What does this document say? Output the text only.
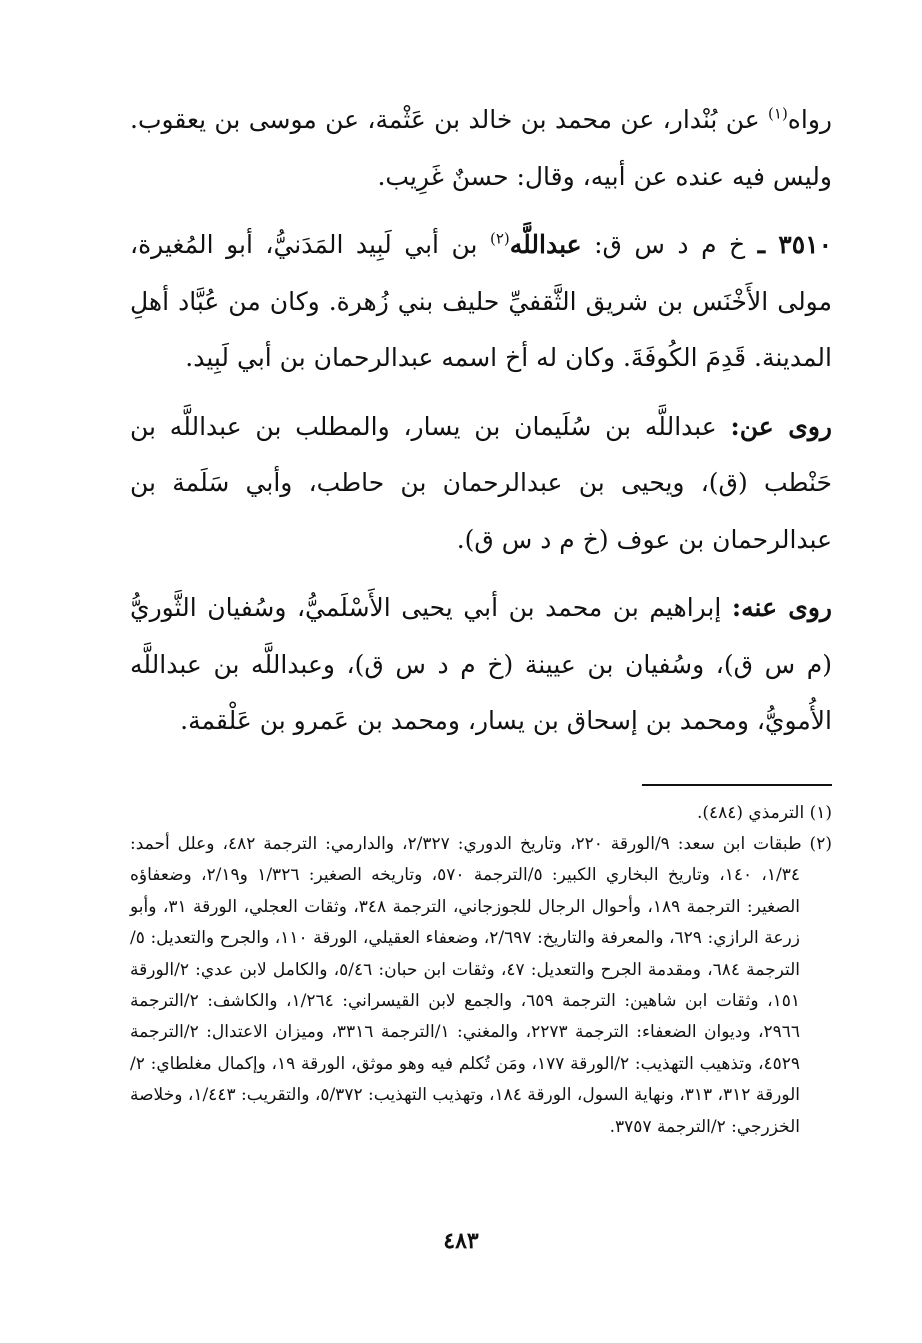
رواه$^{(١)}$ عن بُنْدار، عن محمد بن خالد بن عَثْمة، عن موسى بن يعقوب. وليس فيه عنده عن أبيه، وقال: حسنٌ غَرِيب.

٣٥١٠ ـ خ م د س ق: عبداللَّه$^{(٢)}$ بن أبي لَبِيد المَدَنيُّ، أبو المُغيرة، مولى الأَخْنَس بن شريق الثَّقفيِّ حليف بني زُهرة. وكان من عُبَّاد أهلِ المدينة. قَدِمَ الكُوفَةَ. وكان له أخ اسمه عبدالرحمان بن أبي لَبِيد.

روى عن: عبداللَّه بن سُلَيمان بن يسار، والمطلب بن عبداللَّه بن حَنْطب (ق)، ويحيى بن عبدالرحمان بن حاطب، وأبي سَلَمة بن عبدالرحمان بن عوف (خ م د س ق).

روى عنه: إبراهيم بن محمد بن أبي يحيى الأَسْلَميُّ، وسُفيان الثَّوريُّ (م س ق)، وسُفيان بن عيينة (خ م د س ق)، وعبداللَّه بن عبداللَّه الأُمويُّ، ومحمد بن إسحاق بن يسار، ومحمد بن عَمرو بن عَلْقمة.

(١) الترمذي (٤٨٤).

(٢) طبقات ابن سعد: ٩/الورقة ٢٢٠، وتاريخ الدوري: ٢/٣٢٧، والدارمي: الترجمة ٤٨٢، وعلل أحمد: ١/٣٤، ١٤٠، وتاريخ البخاري الكبير: ٥/الترجمة ٥٧٠، وتاريخه الصغير: ١/٣٢٦ و٢/١٩، وضعفاؤه الصغير: الترجمة ١٨٩، وأحوال الرجال للجوزجاني، الترجمة ٣٤٨، وثقات العجلي، الورقة ٣١، وأبو زرعة الرازي: ٦٢٩، والمعرفة والتاريخ: ٢/٦٩٧، وضعفاء العقيلي، الورقة ١١٠، والجرح والتعديل: ٥/الترجمة ٦٨٤، ومقدمة الجرح والتعديل: ٤٧، وثقات ابن حبان: ٥/٤٦، والكامل لابن عدي: ٢/الورقة ١٥١، وثقات ابن شاهين: الترجمة ٦٥٩، والجمع لابن القيسراني: ١/٢٦٤، والكاشف: ٢/الترجمة ٢٩٦٦، وديوان الضعفاء: الترجمة ٢٢٧٣، والمغني: ١/الترجمة ٣٣١٦، وميزان الاعتدال: ٢/الترجمة ٤٥٢٩، وتذهيب التهذيب: ٢/الورقة ١٧٧، ومَن تُكلم فيه وهو موثق، الورقة ١٩، وإكمال مغلطاي: ٢/الورقة ٣١٢، ٣١٣، ونهاية السول، الورقة ١٨٤، وتهذيب التهذيب: ٥/٣٧٢، والتقريب: ١/٤٤٣، وخلاصة الخزرجي: ٢/الترجمة ٣٧٥٧.

٤٨٣
